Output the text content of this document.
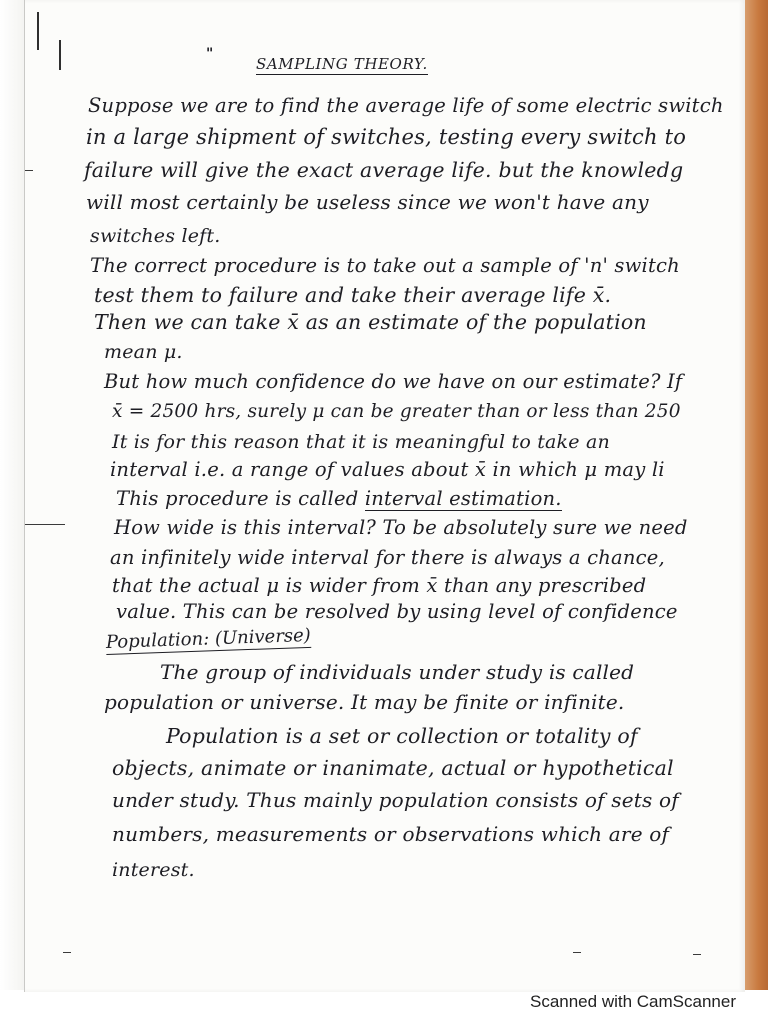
"
SAMPLING THEORY.
Suppose we are to find the average life of some electric switch
in a large shipment of switches, testing every switch to
failure will give the exact average life. but the knowledg
will most certainly be useless since we won't have any
switches left.
The correct procedure is to take out a sample of 'n' switch
test them to failure and take their average life x̄.
Then we can take x̄ as an estimate of the population
mean μ.
But how much confidence do we have on our estimate? If
x̄ = 2500 hrs, surely μ can be greater than or less than 250
It is for this reason that it is meaningful to take an
interval i.e. a range of values about x̄ in which μ may li
This procedure is called interval estimation.
How wide is this interval? To be absolutely sure we need
an infinitely wide interval for there is always a chance,
that the actual μ is wider from x̄ than any prescribed
value. This can be resolved by using level of confidence
Population: (Universe)
The group of individuals under study is called
population or universe. It may be finite or infinite.
Population is a set or collection or totality of
objects, animate or inanimate, actual or hypothetical
under study. Thus mainly population consists of sets of
numbers, measurements or observations which are of
interest.
Scanned with CamScanner
